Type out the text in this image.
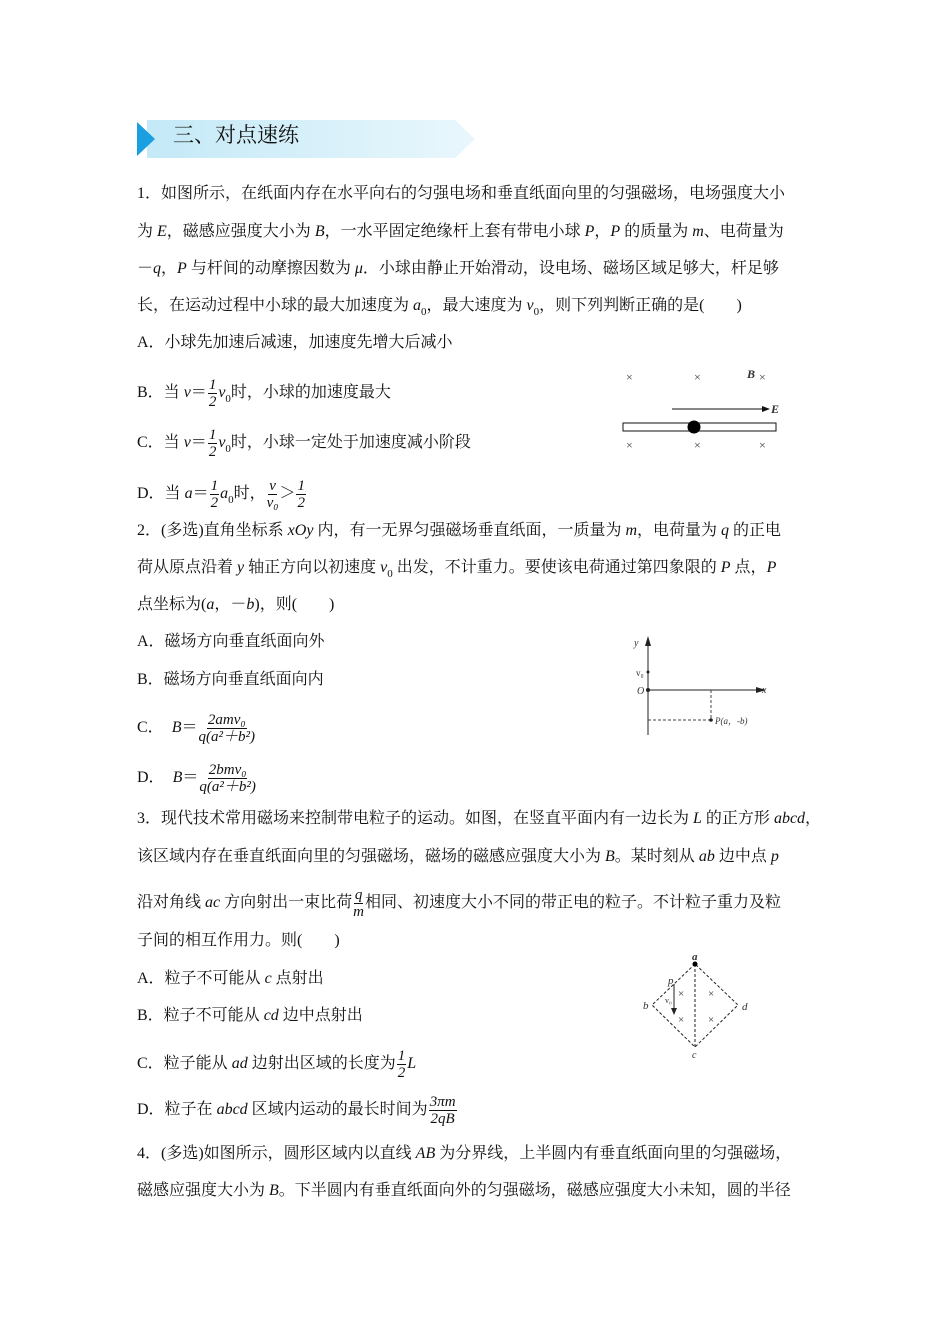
三、对点速练
1．如图所示，在纸面内存在水平向右的匀强电场和垂直纸面向里的匀强磁场，电场强度大小
为 E，磁感应强度大小为 B，一水平固定绝缘杆上套有带电小球 P，P 的质量为 m、电荷量为
－q，P 与杆间的动摩擦因数为 μ．小球由静止开始滑动，设电场、磁场区域足够大，杆足够
长，在运动过程中小球的最大加速度为 $a_0$，最大速度为 $v_0$，则下列判断正确的是(　　)
A．小球先加速后减速，加速度先增大后减小
B．当 $v= \frac{1}{2} v_0$时，小球的加速度最大
C．当 $v= \frac{1}{2} v_0$时，小球一定处于加速度减小阶段
D．当 $a= \frac{1}{2} a_0$时， $\frac{v}{\text{v₀}} > \frac{1}{2}$
2．(多选)直角坐标系 xOy 内，有一无界匀强磁场垂直纸面，一质量为 m，电荷量为 q 的正电
荷从原点沿着 y 轴正方向以初速度 $v_0$ 出发，不计重力。要使该电荷通过第四象限的 P 点，P
点坐标为(a，－b)，则(　　)
A．磁场方向垂直纸面向外
B．磁场方向垂直纸面向内
C．　$B= \frac{\text{2amv₀}}{\text{q(a²＋b²)}}$
D．　$B= \frac{\text{2bmv₀}}{\text{q(a²＋b²)}}$
3．现代技术常用磁场来控制带电粒子的运动。如图，在竖直平面内有一边长为 L 的正方形 abcd，
该区域内存在垂直纸面向里的匀强磁场，磁场的磁感应强度大小为 B。某时刻从 ab 边中点 p
沿对角线 ac 方向射出一束比荷 $\frac{q}{m}$ 相同、初速度大小不同的带正电的粒子。不计粒子重力及粒
子间的相互作用力。则(　　)
A．粒子不可能从 c 点射出
B．粒子不可能从 cd 边中点射出
C．粒子能从 ad 边射出区域的长度为 $\frac{1}{2}$ L
D．粒子在 abcd 区域内运动的最长时间为 $\frac{3\pi m}{2qB}$
4．(多选)如图所示，圆形区域内以直线 AB 为分界线，上半圆内有垂直纸面向里的匀强磁场，
磁感应强度大小为 B。下半圆内有垂直纸面向外的匀强磁场，磁感应强度大小未知，圆的半径
×	×	×
B
E
×	×	×
y
v₀
O	x
P(a，-b)
a
b
c
d
p
v₀
× ×
× ×
